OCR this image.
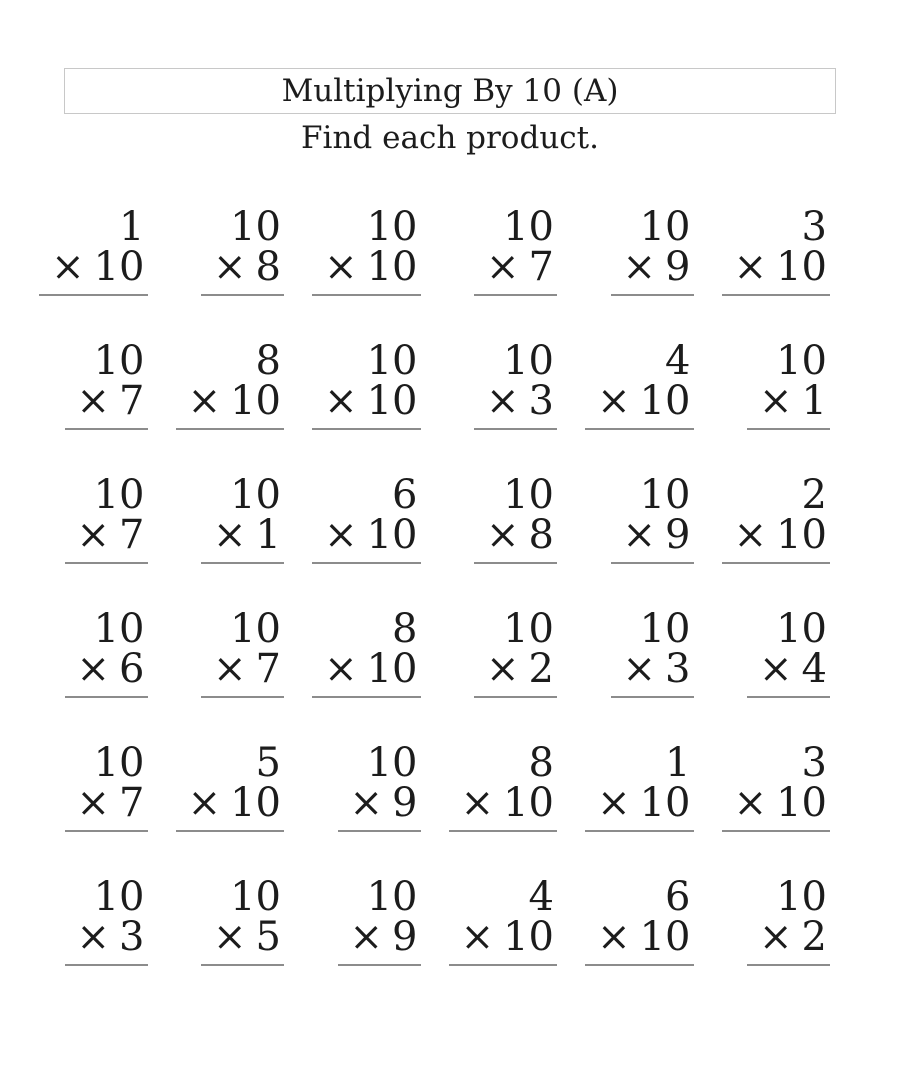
Multiplying By 10 (A)
Find each product.
1
× 10
10
× 8
10
× 10
10
× 7
10
× 9
3
× 10
10
× 7
8
× 10
10
× 10
10
× 3
4
× 10
10
× 1
10
× 7
10
× 1
6
× 10
10
× 8
10
× 9
2
× 10
10
× 6
10
× 7
8
× 10
10
× 2
10
× 3
10
× 4
10
× 7
5
× 10
10
× 9
8
× 10
1
× 10
3
× 10
10
× 3
10
× 5
10
× 9
4
× 10
6
× 10
10
× 2
